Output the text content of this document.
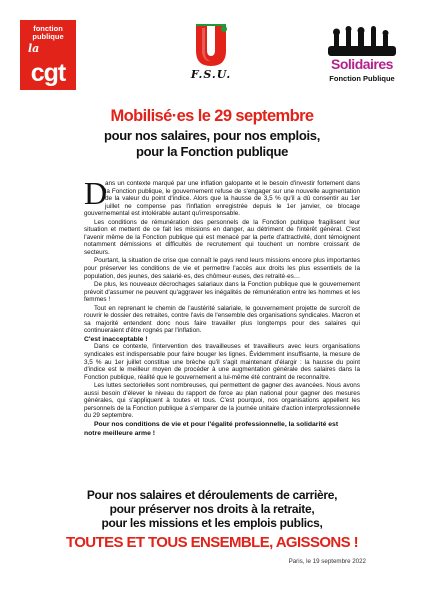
fonction
publique
la
cgt	F.S.U.
Solidaires
Fonction Publique
Mobilisé·es le 29 septembre
pour nos salaires, pour nos emplois,
pour la Fonction publique

D
ans un contexte marqué par une inflation galopante et le besoin d'investir fortement dans la Fonction publique, le gouvernement refuse de s'engager sur une nouvelle augmentation de la valeur du point d'indice. Alors que la hausse de 3,5 % qu'il a dû consentir au 1er juillet ne compense pas l'inflation enregistrée depuis le 1er janvier, ce blocage gouvernemental est intolérable autant qu'irresponsable.

Les conditions de rémunération des personnels de la Fonction publique fragilisent leur situation et mettent de ce fait les missions en danger, au détriment de l'intérêt général. C'est l'avenir même de la Fonction publique qui est menacé par la perte d'attractivité, dont témoignent notamment démissions et difficultés de recrutement qui touchent un nombre croissant de secteurs.

Pourtant, la situation de crise que connaît le pays rend leurs missions encore plus importantes pour préserver les conditions de vie et permettre l'accès aux droits les plus essentiels de la population, des jeunes, des salarié·es, des chômeur·euses, des retraité·es…

De plus, les nouveaux décrochages salariaux dans la Fonction publique que le gouvernement prévoit d'assumer ne peuvent qu'aggraver les inégalités de rémunération entre les hommes et les femmes !

Tout en reprenant le chemin de l'austérité salariale, le gouvernement projette de surcroît de rouvrir le dossier des retraites, contre l'avis de l'ensemble des organisations syndicales. Macron et sa majorité entendent donc nous faire travailler plus longtemps pour des salaires qui continueraient d'être rognés par l'inflation.

C'est inacceptable !

Dans ce contexte, l'intervention des travailleuses et travailleurs avec leurs organisations syndicales est indispensable pour faire bouger les lignes. Évidemment insuffisante, la mesure de 3,5 % au 1er juillet constitue une brèche qu'il s'agit maintenant d'élargir : la hausse du point d'indice est le meilleur moyen de procéder à une augmentation générale des salaires dans la Fonction publique, réalité que le gouvernement a lui-même été contraint de reconnaître.

Les luttes sectorielles sont nombreuses, qui permettent de gagner des avancées. Nous avons aussi besoin d'élever le niveau du rapport de force au plan national pour gagner des mesures générales, qui s'appliquent à toutes et tous. C'est pourquoi, nos organisations appellent les personnels de la Fonction publique à s'emparer de la journée unitaire d'action interprofessionnelle du 29 septembre.

Pour nos conditions de vie et pour l'égalité professionnelle, la solidarité est

notre meilleure arme !

Pour nos salaires et déroulements de carrière,
pour préserver nos droits à la retraite,
pour les missions et les emplois publics,
TOUTES ET TOUS ENSEMBLE, AGISSONS !
Paris, le 19 septembre 2022
